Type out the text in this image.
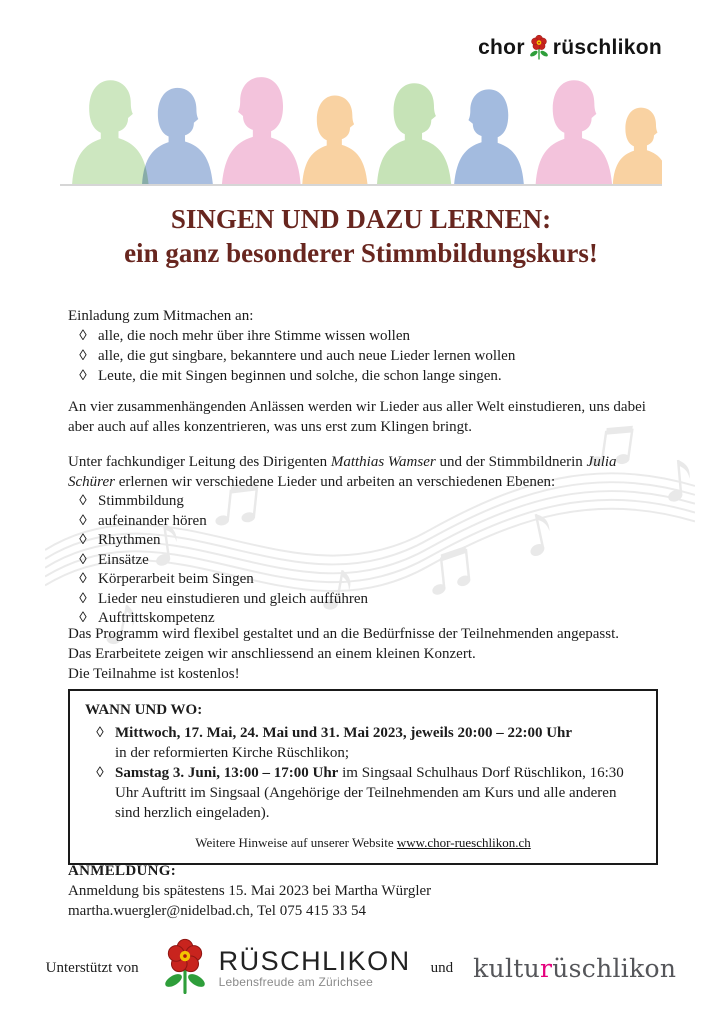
chor rüschlikon
SINGEN UND DAZU LERNEN:
ein ganz besonderer Stimmbildungskurs!

Einladung zum Mitmachen an:

◊ alle, die noch mehr über ihre Stimme wissen wollen
◊ alle, die gut singbare, bekanntere und auch neue Lieder lernen wollen
◊ Leute, die mit Singen beginnen und solche, die schon lange singen.

An vier zusammenhängenden Anlässen werden wir Lieder aus aller Welt einstudieren, uns dabei aber auch auf alles konzentrieren, was uns erst zum Klingen bringt.

Unter fachkundiger Leitung des Dirigenten Matthias Wamser und der Stimmbildnerin Julia Schürer erlernen wir verschiedene Lieder und arbeiten an verschiedenen Ebenen:

◊ Stimmbildung
◊ aufeinander hören
◊ Rhythmen
◊ Einsätze
◊ Körperarbeit beim Singen
◊ Lieder neu einstudieren und gleich aufführen
◊ Auftrittskompetenz

Das Programm wird flexibel gestaltet und an die Bedürfnisse der Teilnehmenden angepasst.

Das Erarbeitete zeigen wir anschliessend an einem kleinen Konzert.

Die Teilnahme ist kostenlos!

WANN UND WO:
◊ Mittwoch, 17. Mai, 24. Mai und 31. Mai 2023, jeweils 20:00 – 22:00 Uhr
in der reformierten Kirche Rüschlikon;
◊ Samstag 3. Juni, 13:00 – 17:00 Uhr im Singsaal Schulhaus Dorf Rüschlikon, 16:30 Uhr Auftritt im Singsaal (Angehörige der Teilnehmenden am Kurs und alle anderen sind herzlich eingeladen).
Weitere Hinweise auf unserer Website www.chor-rueschlikon.ch

ANMELDUNG:

Anmeldung bis spätestens 15. Mai 2023 bei Martha Würgler

martha.wuergler@nidelbad.ch, Tel 075 415 33 54

Unterstützt von	RÜSCHLIKON
Lebensfreude am Zürichsee
und kulturüschlikon
